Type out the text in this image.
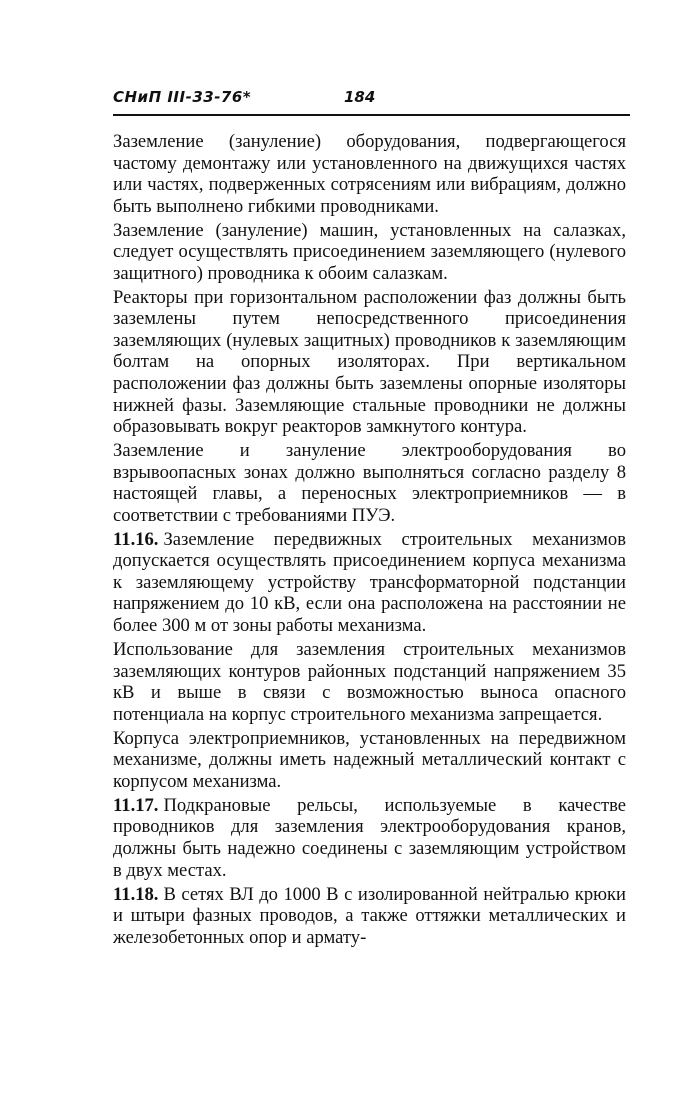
СНиП III-33-76*	184

Заземление (зануление) оборудования, подвергающегося частому демонтажу или установленного на движущихся частях или частях, подверженных сотрясениям или вибрациям, должно быть выполнено гибкими проводниками.

Заземление (зануление) машин, установленных на салазках, следует осуществлять присоединением заземляющего (нулевого защитного) проводника к обоим салазкам.

Реакторы при горизонтальном расположении фаз должны быть заземлены путем непосредственного присоединения заземляющих (нулевых защитных) проводников к заземляющим болтам на опорных изоляторах. При вертикальном расположении фаз должны быть заземлены опорные изоляторы нижней фазы. Заземляющие стальные проводники не должны образовывать вокруг реакторов замкнутого контура.

Заземление и зануление электрооборудования во взрывоопасных зонах должно выполняться согласно разделу 8 настоящей главы, а переносных электроприемников — в соответствии с требованиями ПУЭ.

11.16. Заземление передвижных строительных механизмов допускается осуществлять присоединением корпуса механизма к заземляющему устройству трансформаторной подстанции напряжением до 10 кВ, если она расположена на расстоянии не более 300 м от зоны работы механизма.

Использование для заземления строительных механизмов заземляющих контуров районных подстанций напряжением 35 кВ и выше в связи с возможностью выноса опасного потенциала на корпус строительного механизма запрещается.

Корпуса электроприемников, установленных на передвижном механизме, должны иметь надежный металлический контакт с корпусом механизма.

11.17. Подкрановые рельсы, используемые в качестве проводников для заземления электрооборудования кранов, должны быть надежно соединены с заземляющим устройством в двух местах.

11.18. В сетях ВЛ до 1000 В с изолированной нейтралью крюки и штыри фазных проводов, а также оттяжки металлических и железобетонных опор и армату-
